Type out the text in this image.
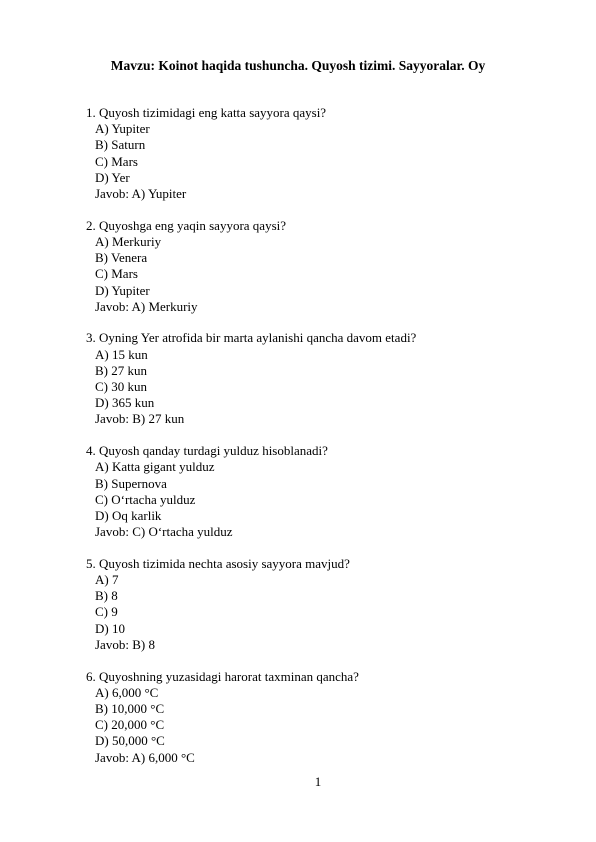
Mavzu: Koinot haqida tushuncha. Quyosh tizimi. Sayyoralar. Oy
1. Quyosh tizimidagi eng katta sayyora qaysi?
A) Yupiter
B) Saturn
C) Mars
D) Yer
Javob: A) Yupiter
2. Quyoshga eng yaqin sayyora qaysi?
A) Merkuriy
B) Venera
C) Mars
D) Yupiter
Javob: A) Merkuriy
3. Oyning Yer atrofida bir marta aylanishi qancha davom etadi?
A) 15 kun
B) 27 kun
C) 30 kun
D) 365 kun
Javob: B) 27 kun
4. Quyosh qanday turdagi yulduz hisoblanadi?
A) Katta gigant yulduz
B) Supernova
C) O‘rtacha yulduz
D) Oq karlik
Javob: C) O‘rtacha yulduz
5. Quyosh tizimida nechta asosiy sayyora mavjud?
A) 7
B) 8
C) 9
D) 10
Javob: B) 8
6. Quyoshning yuzasidagi harorat taxminan qancha?
A) 6,000 °C
B) 10,000 °C
C) 20,000 °C
D) 50,000 °C
Javob: A) 6,000 °C
1
